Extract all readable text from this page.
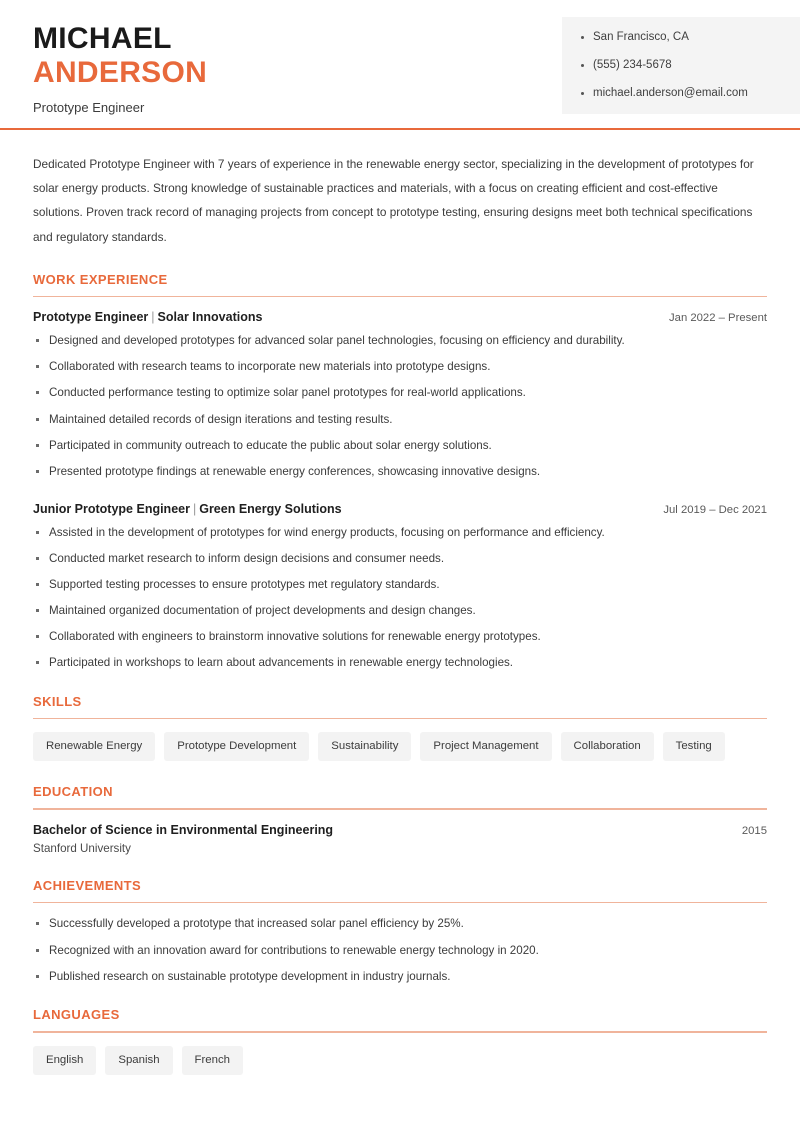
MICHAEL
ANDERSON
Prototype Engineer
San Francisco, CA
(555) 234-5678
michael.anderson@email.com

Dedicated Prototype Engineer with 7 years of experience in the renewable energy sector, specializing in the development of prototypes for solar energy products. Strong knowledge of sustainable practices and materials, with a focus on creating efficient and cost-effective solutions. Proven track record of managing projects from concept to prototype testing, ensuring designs meet both technical specifications and regulatory standards.

WORK EXPERIENCE
Prototype Engineer | Solar Innovations	Jan 2022 – Present
Designed and developed prototypes for advanced solar panel technologies, focusing on efficiency and durability.
Collaborated with research teams to incorporate new materials into prototype designs.
Conducted performance testing to optimize solar panel prototypes for real-world applications.
Maintained detailed records of design iterations and testing results.
Participated in community outreach to educate the public about solar energy solutions.
Presented prototype findings at renewable energy conferences, showcasing innovative designs.
Junior Prototype Engineer | Green Energy Solutions	Jul 2019 – Dec 2021
Assisted in the development of prototypes for wind energy products, focusing on performance and efficiency.
Conducted market research to inform design decisions and consumer needs.
Supported testing processes to ensure prototypes met regulatory standards.
Maintained organized documentation of project developments and design changes.
Collaborated with engineers to brainstorm innovative solutions for renewable energy prototypes.
Participated in workshops to learn about advancements in renewable energy technologies.
SKILLS
Renewable Energy	Prototype Development	Sustainability	Project Management	Collaboration	Testing
EDUCATION
Bachelor of Science in Environmental Engineering	2015
Stanford University
ACHIEVEMENTS
Successfully developed a prototype that increased solar panel efficiency by 25%.
Recognized with an innovation award for contributions to renewable energy technology in 2020.
Published research on sustainable prototype development in industry journals.
LANGUAGES
English	Spanish	French
